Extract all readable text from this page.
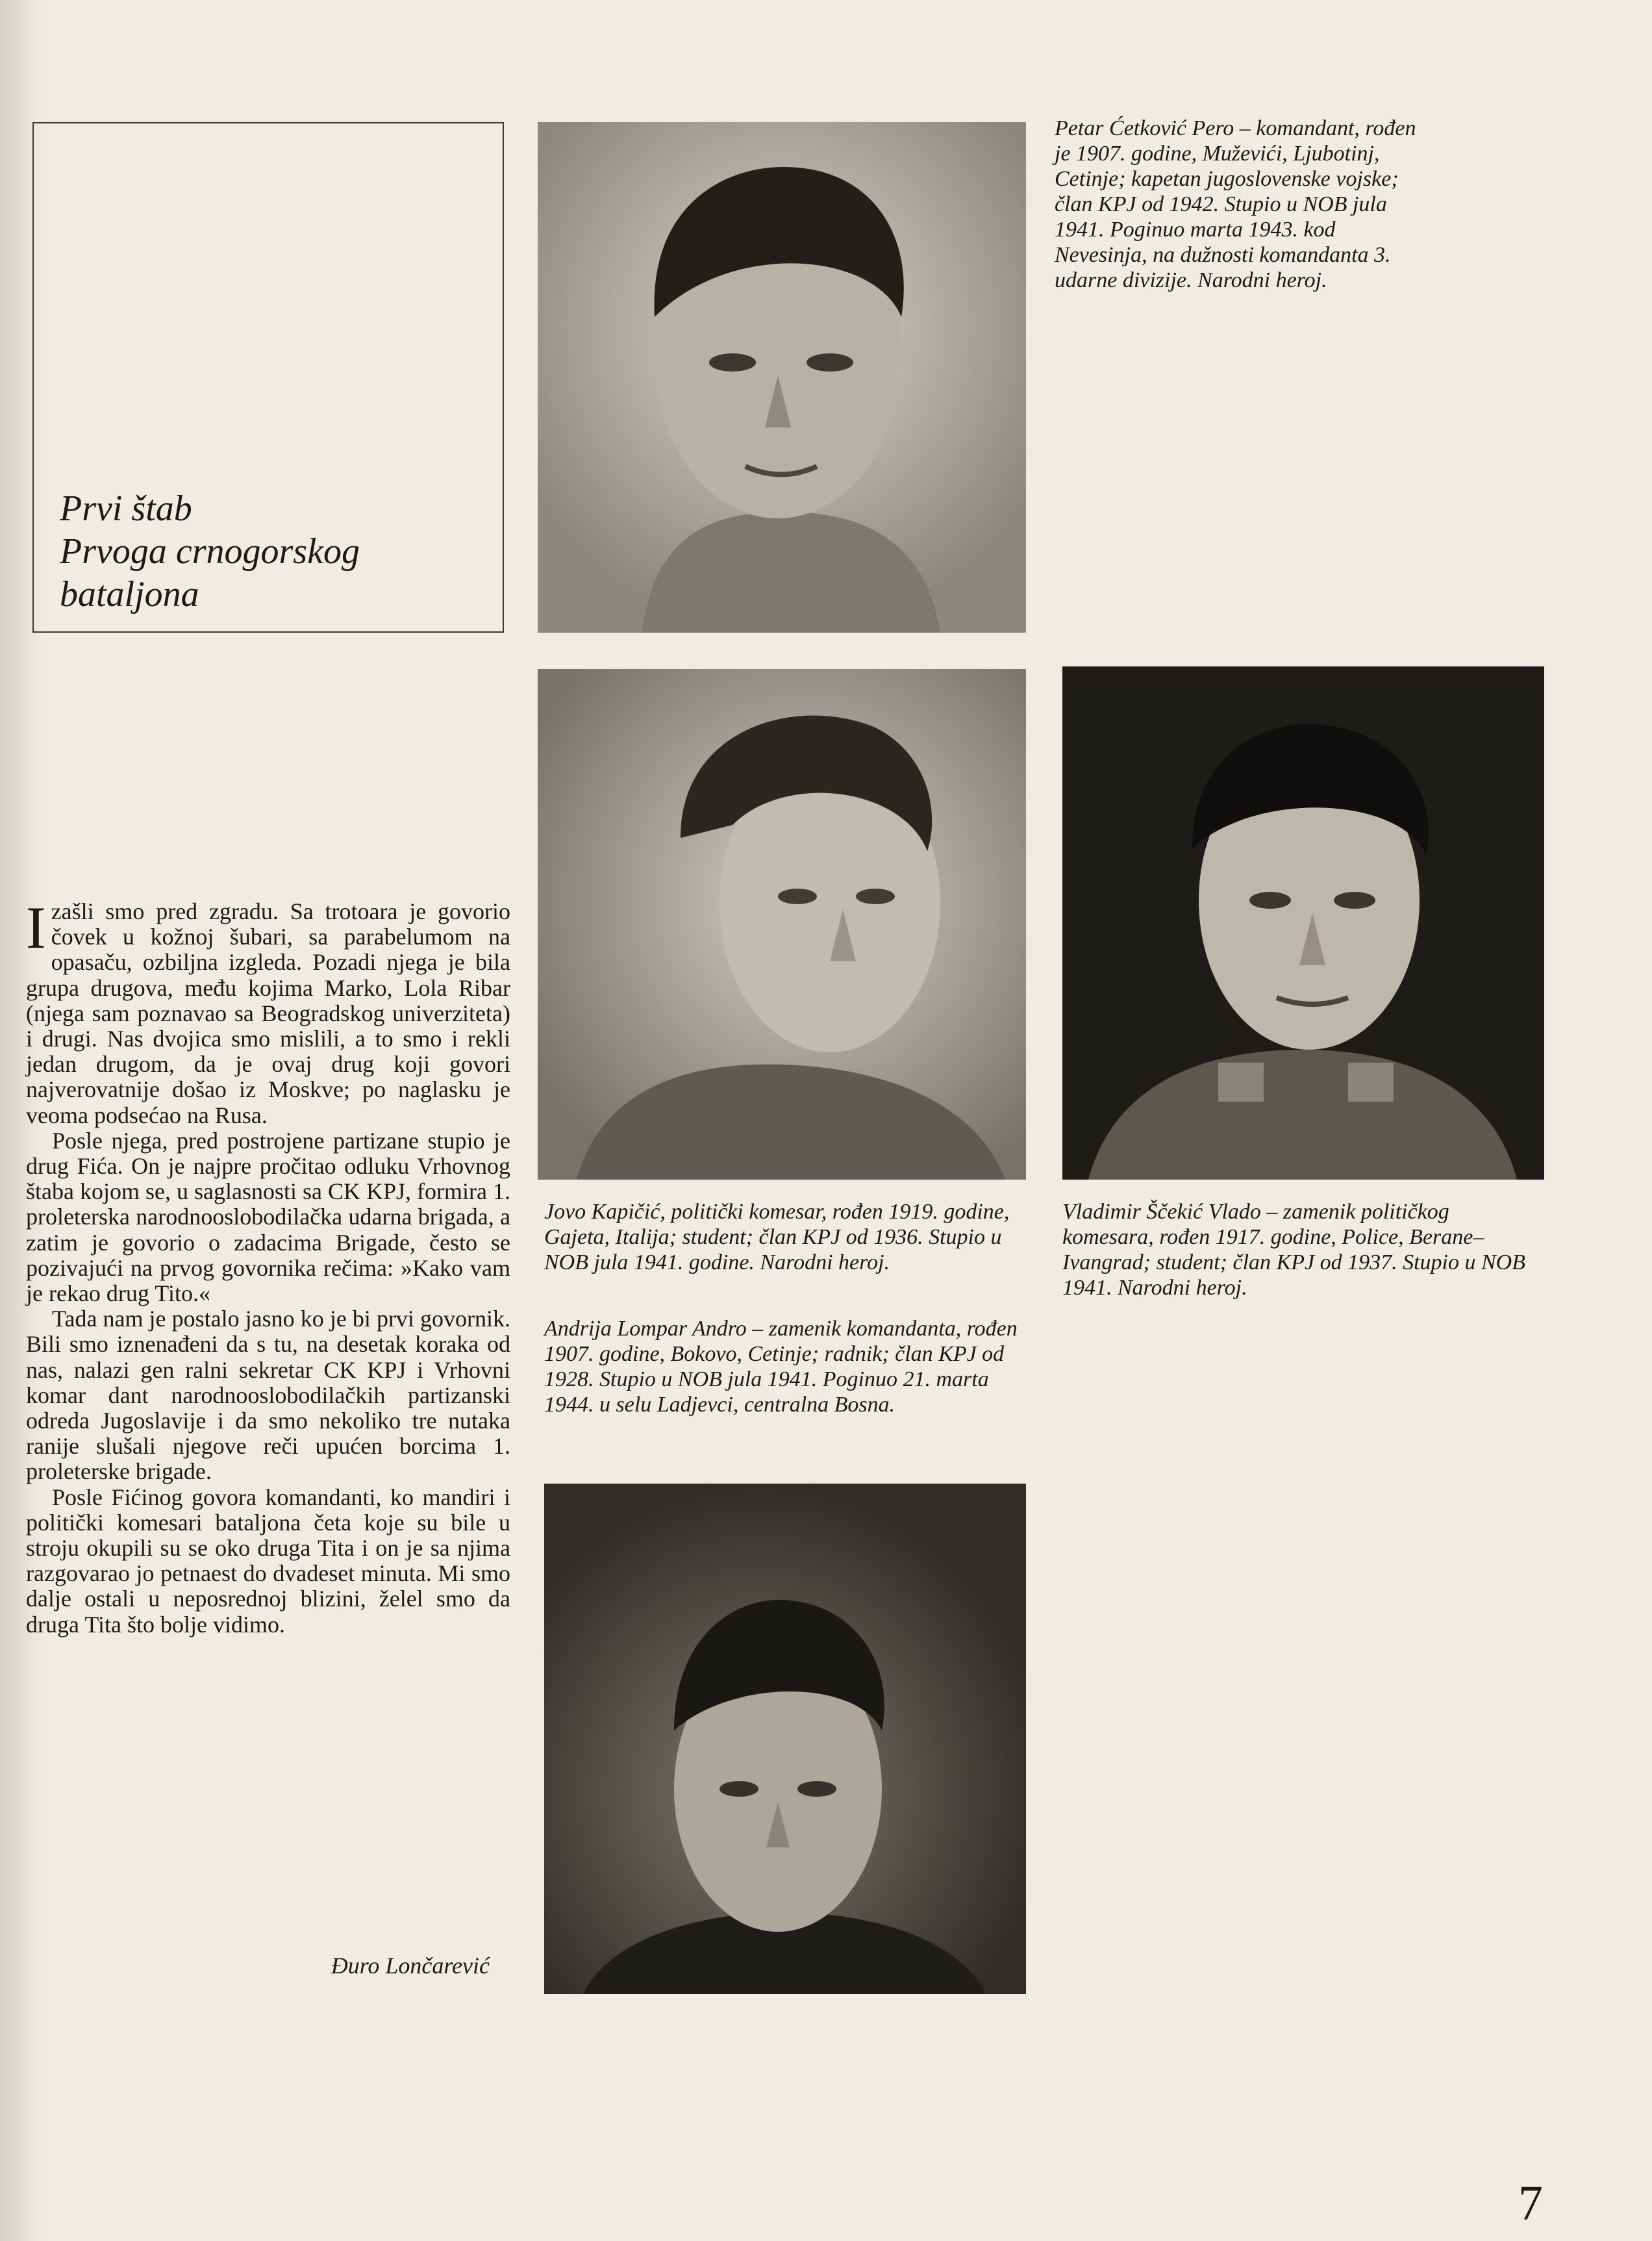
Prvi štab
Prvoga crnogorskog
bataljona
Petar Ćetković Pero – komandant, rođen je 1907. godine, Muževići, Ljubotinj, Cetinje; kapetan jugoslovenske vojske; član KPJ od 1942. Stupio u NOB jula 1941. Poginuo marta 1943. kod Nevesinja, na dužnosti komandanta 3. udarne divizije. Narodni heroj.
Jovo Kapičić, politički komesar, rođen 1919. godine, Gajeta, Italija; student; član KPJ od 1936. Stupio u NOB jula 1941. godine. Narodni heroj.
Andrija Lompar Andro – zamenik komandanta, rođen 1907. godine, Bokovo, Cetinje; radnik; član KPJ od 1928. Stupio u NOB jula 1941. Poginuo 21. marta 1944. u selu Ladjevci, centralna Bosna.
Vladimir Ščekić Vlado – zamenik političkog komesara, rođen 1917. godine, Police, Berane–Ivangrad; student; član KPJ od 1937. Stupio u NOB 1941. Narodni heroj.

Izašli smo pred zgradu. Sa trotoara je govorio čovek u kožnoj šubari, sa parabelumom na opasaču, ozbiljna izgleda. Pozadi njega je bila grupa drugova, među kojima Marko, Lola Ribar (njega sam poznavao sa Beogradskog univerziteta) i drugi. Nas dvojica smo mislili, a to smo i rekli jedan drugom, da je ovaj drug koji govori najverovatnije došao iz Moskve; po naglasku je veoma podsećao na Rusa.

Posle njega, pred postrojene partizane stupio je drug Fića. On je najpre pročitao odluku Vrhovnog štaba kojom se, u saglasnosti sa CK KPJ, formira 1. proleterska narodnooslobodilačka udarna brigada, a zatim je govorio o zadacima Brigade, često se pozivajući na prvog govornika rečima: »Kako vam je rekao drug Tito.«

Tada nam je postalo jasno ko je bi prvi govornik. Bili smo iznenađeni da s tu, na desetak koraka od nas, nalazi gen ralni sekretar CK KPJ i Vrhovni komar dant narodnooslobodilačkih partizanski odreda Jugoslavije i da smo nekoliko tre nutaka ranije slušali njegove reči upućen borcima 1. proleterske brigade.

Posle Fićinog govora komandanti, ko mandiri i politički komesari bataljona četa koje su bile u stroju okupili su se oko druga Tita i on je sa njima razgovarao jo petnaest do dvadeset minuta. Mi smo dalje ostali u neposrednoj blizini, želel smo da druga Tita što bolje vidimo.

Đuro Lončarević
7
